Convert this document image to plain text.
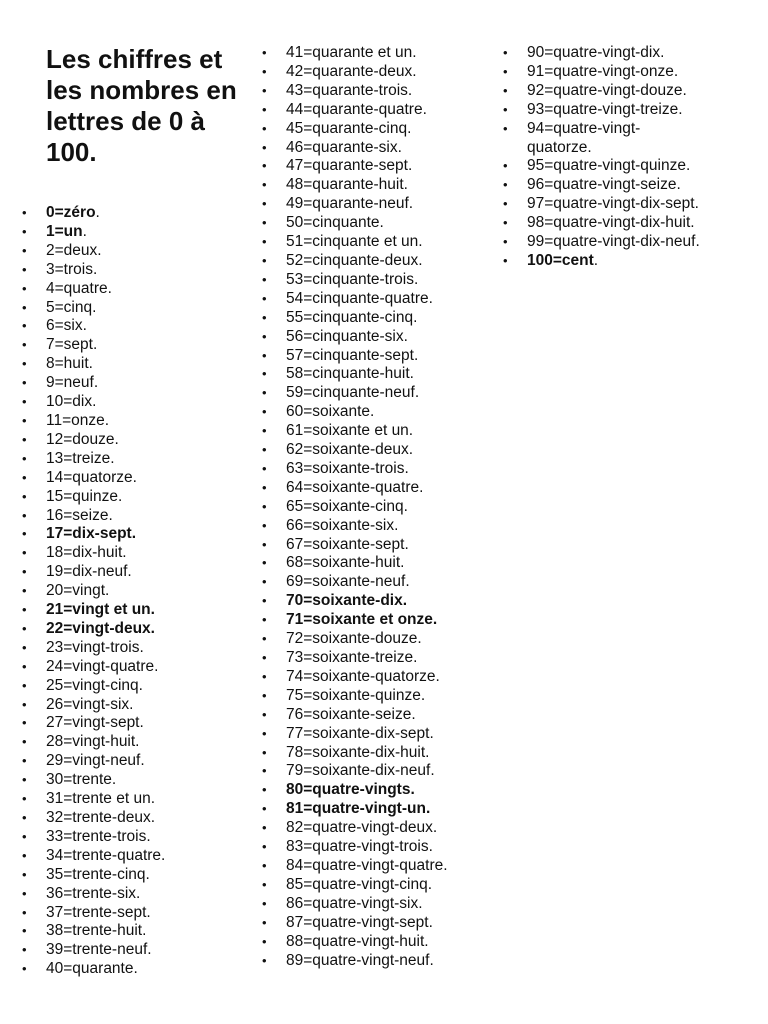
Les chiffres et les nombres en lettres de 0 à 100.
• 0=zéro.
• 1=un.
• 2=deux.
• 3=trois.
• 4=quatre.
• 5=cinq.
• 6=six.
• 7=sept.
• 8=huit.
• 9=neuf.
• 10=dix.
• 11=onze.
• 12=douze.
• 13=treize.
• 14=quatorze.
• 15=quinze.
• 16=seize.
• 17=dix-sept.
• 18=dix-huit.
• 19=dix-neuf.
• 20=vingt.
• 21=vingt et un.
• 22=vingt-deux.
• 23=vingt-trois.
• 24=vingt-quatre.
• 25=vingt-cinq.
• 26=vingt-six.
• 27=vingt-sept.
• 28=vingt-huit.
• 29=vingt-neuf.
• 30=trente.
• 31=trente et un.
• 32=trente-deux.
• 33=trente-trois.
• 34=trente-quatre.
• 35=trente-cinq.
• 36=trente-six.
• 37=trente-sept.
• 38=trente-huit.
• 39=trente-neuf.
• 40=quarante.
• 41=quarante et un.
• 42=quarante-deux.
• 43=quarante-trois.
• 44=quarante-quatre.
• 45=quarante-cinq.
• 46=quarante-six.
• 47=quarante-sept.
• 48=quarante-huit.
• 49=quarante-neuf.
• 50=cinquante.
• 51=cinquante et un.
• 52=cinquante-deux.
• 53=cinquante-trois.
• 54=cinquante-quatre.
• 55=cinquante-cinq.
• 56=cinquante-six.
• 57=cinquante-sept.
• 58=cinquante-huit.
• 59=cinquante-neuf.
• 60=soixante.
• 61=soixante et un.
• 62=soixante-deux.
• 63=soixante-trois.
• 64=soixante-quatre.
• 65=soixante-cinq.
• 66=soixante-six.
• 67=soixante-sept.
• 68=soixante-huit.
• 69=soixante-neuf.
• 70=soixante-dix.
• 71=soixante et onze.
• 72=soixante-douze.
• 73=soixante-treize.
• 74=soixante-quatorze.
• 75=soixante-quinze.
• 76=soixante-seize.
• 77=soixante-dix-sept.
• 78=soixante-dix-huit.
• 79=soixante-dix-neuf.
• 80=quatre-vingts.
• 81=quatre-vingt-un.
• 82=quatre-vingt-deux.
• 83=quatre-vingt-trois.
• 84=quatre-vingt-quatre.
• 85=quatre-vingt-cinq.
• 86=quatre-vingt-six.
• 87=quatre-vingt-sept.
• 88=quatre-vingt-huit.
• 89=quatre-vingt-neuf.
• 90=quatre-vingt-dix.
• 91=quatre-vingt-onze.
• 92=quatre-vingt-douze.
• 93=quatre-vingt-treize.
• 94=quatre-vingt-quatorze.
• 95=quatre-vingt-quinze.
• 96=quatre-vingt-seize.
• 97=quatre-vingt-dix-sept.
• 98=quatre-vingt-dix-huit.
• 99=quatre-vingt-dix-neuf.
• 100=cent.
